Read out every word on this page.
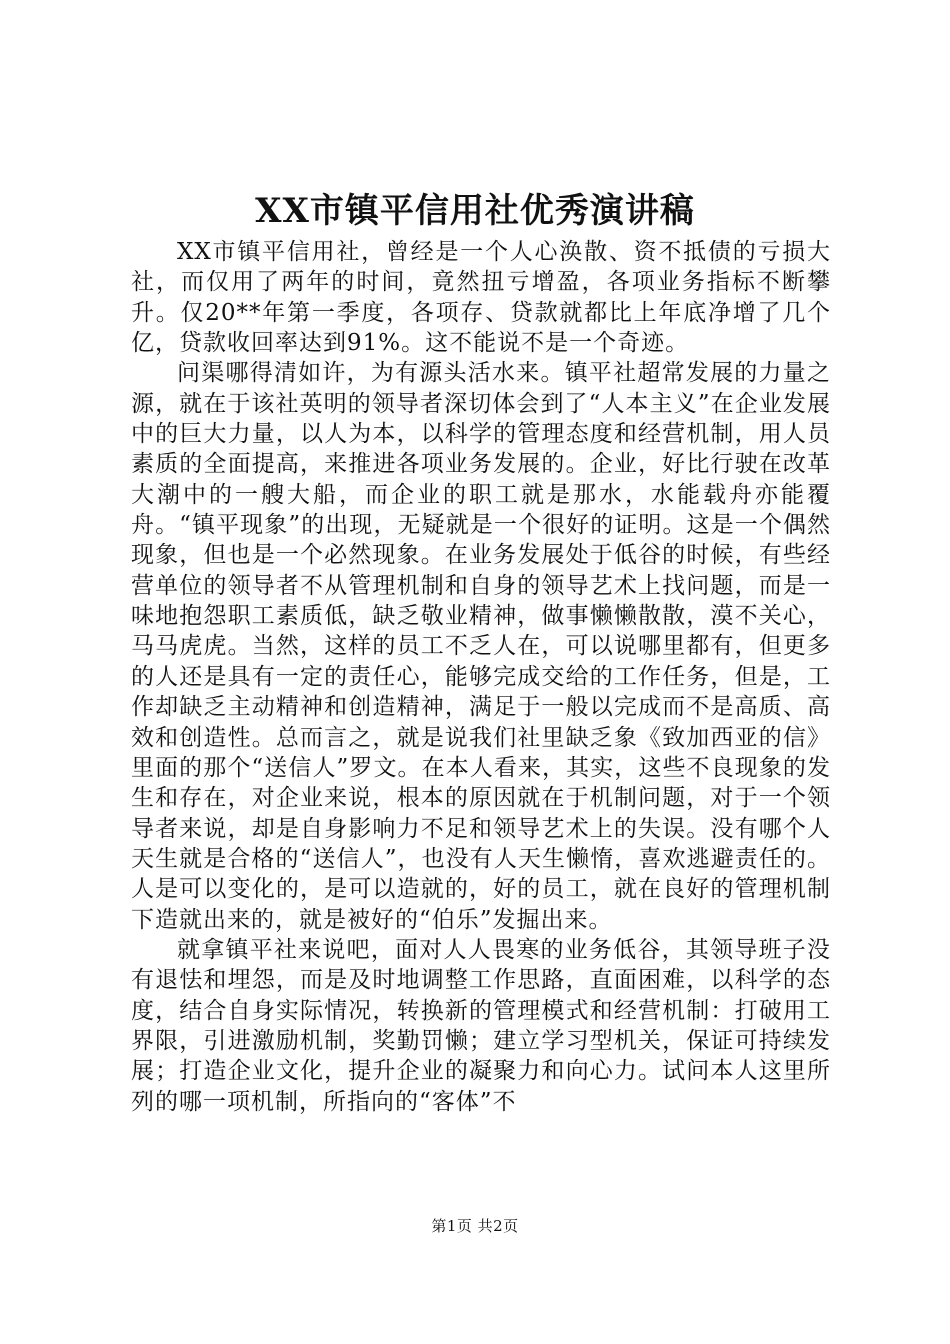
XX市镇平信用社优秀演讲稿

XX市镇平信用社，曾经是一个人心涣散、资不抵债的亏损大社，而仅用了两年的时间，竟然扭亏增盈，各项业务指标不断攀升。仅20**年第一季度，各项存、贷款就都比上年底净增了几个亿，贷款收回率达到91%。这不能说不是一个奇迹。

问渠哪得清如许，为有源头活水来。镇平社超常发展的力量之源，就在于该社英明的领导者深切体会到了“人本主义”在企业发展中的巨大力量，以人为本，以科学的管理态度和经营机制，用人员素质的全面提高，来推进各项业务发展的。企业，好比行驶在改革大潮中的一艘大船，而企业的职工就是那水，水能载舟亦能覆舟。“镇平现象”的出现，无疑就是一个很好的证明。这是一个偶然现象，但也是一个必然现象。在业务发展处于低谷的时候，有些经营单位的领导者不从管理机制和自身的领导艺术上找问题，而是一味地抱怨职工素质低，缺乏敬业精神，做事懒懒散散，漠不关心，马马虎虎。当然，这样的员工不乏人在，可以说哪里都有，但更多的人还是具有一定的责任心，能够完成交给的工作任务，但是，工作却缺乏主动精神和创造精神，满足于一般以完成而不是高质、高效和创造性。总而言之，就是说我们社里缺乏象《致加西亚的信》里面的那个“送信人”罗文。在本人看来，其实，这些不良现象的发生和存在，对企业来说，根本的原因就在于机制问题，对于一个领导者来说，却是自身影响力不足和领导艺术上的失误。没有哪个人天生就是合格的“送信人”，也没有人天生懒惰，喜欢逃避责任的。人是可以变化的，是可以造就的，好的员工，就在良好的管理机制下造就出来的，就是被好的“伯乐”发掘出来。

就拿镇平社来说吧，面对人人畏寒的业务低谷，其领导班子没有退怯和埋怨，而是及时地调整工作思路，直面困难，以科学的态度，结合自身实际情况，转换新的管理模式和经营机制：打破用工界限，引进激励机制，奖勤罚懒；建立学习型机关，保证可持续发展；打造企业文化，提升企业的凝聚力和向心力。试问本人这里所列的哪一项机制，所指向的“客体”不

第1页 共2页
